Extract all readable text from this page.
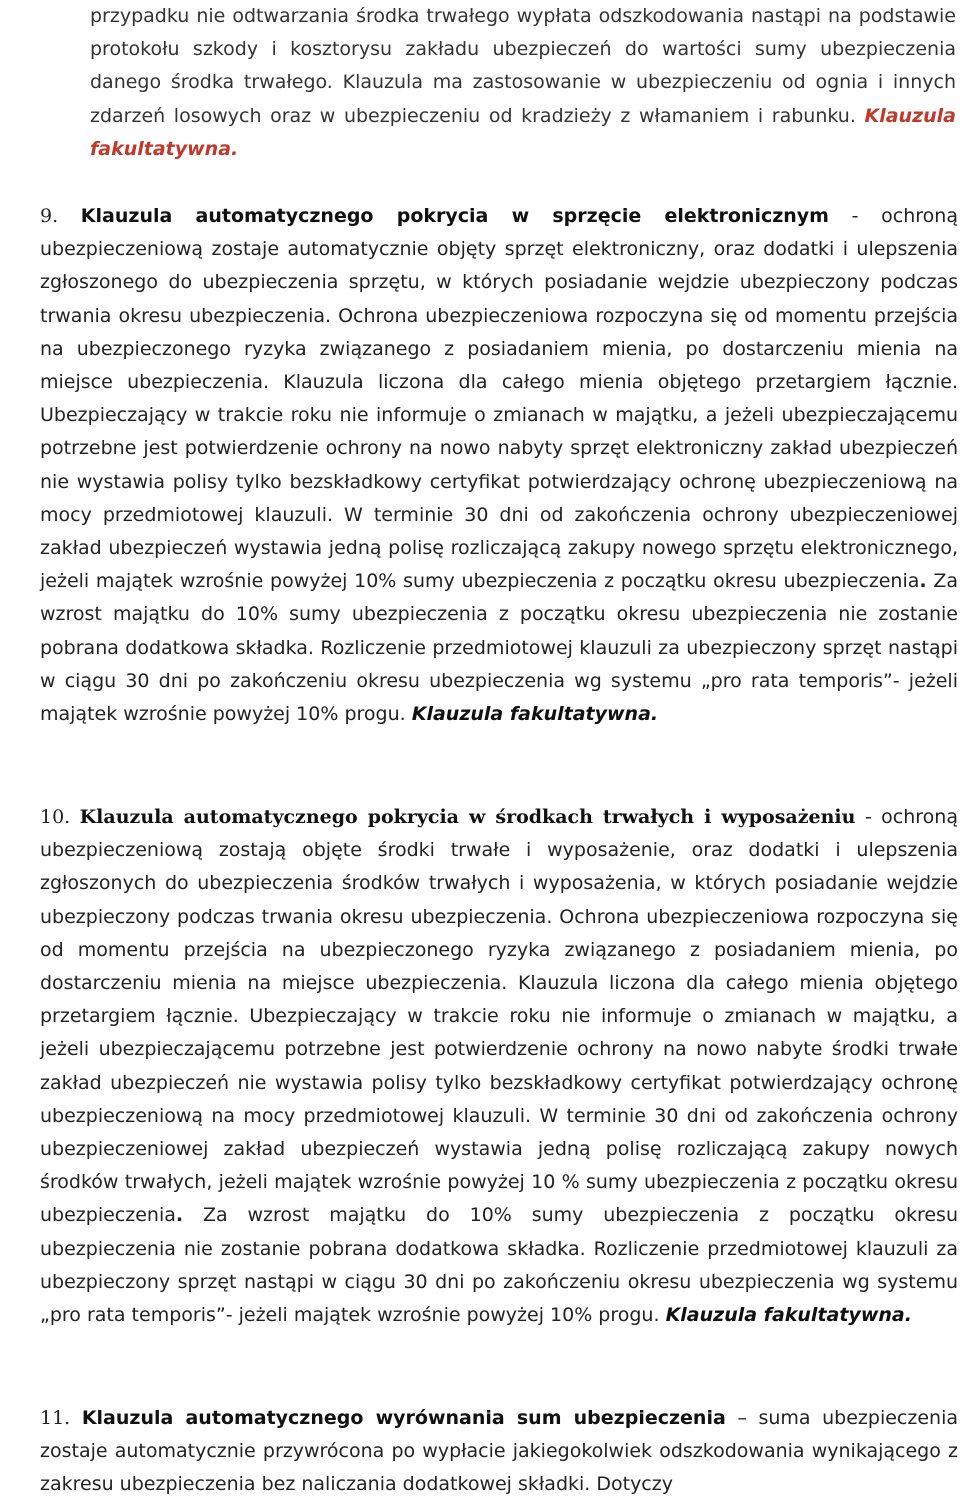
przypadku nie odtwarzania środka trwałego wypłata odszkodowania nastąpi na podstawie protokołu szkody i kosztorysu zakładu ubezpieczeń do wartości sumy ubezpieczenia danego środka trwałego. Klauzula ma zastosowanie w ubezpieczeniu od ognia i innych zdarzeń losowych oraz w ubezpieczeniu od kradzieży z włamaniem i rabunku. Klauzula fakultatywna.

9. Klauzula automatycznego pokrycia w sprzęcie elektronicznym - ochroną ubezpieczeniową zostaje automatycznie objęty sprzęt elektroniczny, oraz dodatki i ulepszenia zgłoszonego do ubezpieczenia sprzętu, w których posiadanie wejdzie ubezpieczony podczas trwania okresu ubezpieczenia. Ochrona ubezpieczeniowa rozpoczyna się od momentu przejścia na ubezpieczonego ryzyka związanego z posiadaniem mienia, po dostarczeniu mienia na miejsce ubezpieczenia. Klauzula liczona dla całego mienia objętego przetargiem łącznie. Ubezpieczający w trakcie roku nie informuje o zmianach w majątku, a jeżeli ubezpieczającemu potrzebne jest potwierdzenie ochrony na nowo nabyty sprzęt elektroniczny zakład ubezpieczeń nie wystawia polisy tylko bezskładkowy certyfikat potwierdzający ochronę ubezpieczeniową na mocy przedmiotowej klauzuli. W terminie 30 dni od zakończenia ochrony ubezpieczeniowej zakład ubezpieczeń wystawia jedną polisę rozliczającą zakupy nowego sprzętu elektronicznego, jeżeli majątek wzrośnie powyżej 10% sumy ubezpieczenia z początku okresu ubezpieczenia. Za wzrost majątku do 10% sumy ubezpieczenia z początku okresu ubezpieczenia nie zostanie pobrana dodatkowa składka. Rozliczenie przedmiotowej klauzuli za ubezpieczony sprzęt nastąpi w ciągu 30 dni po zakończeniu okresu ubezpieczenia wg systemu „pro rata temporis”- jeżeli majątek wzrośnie powyżej 10% progu. Klauzula fakultatywna.

10. Klauzula automatycznego pokrycia w środkach trwałych i wyposażeniu - ochroną ubezpieczeniową zostają objęte środki trwałe i wyposażenie, oraz dodatki i ulepszenia zgłoszonych do ubezpieczenia środków trwałych i wyposażenia, w których posiadanie wejdzie ubezpieczony podczas trwania okresu ubezpieczenia. Ochrona ubezpieczeniowa rozpoczyna się od momentu przejścia na ubezpieczonego ryzyka związanego z posiadaniem mienia, po dostarczeniu mienia na miejsce ubezpieczenia. Klauzula liczona dla całego mienia objętego przetargiem łącznie. Ubezpieczający w trakcie roku nie informuje o zmianach w majątku, a jeżeli ubezpieczającemu potrzebne jest potwierdzenie ochrony na nowo nabyte środki trwałe zakład ubezpieczeń nie wystawia polisy tylko bezskładkowy certyfikat potwierdzający ochronę ubezpieczeniową na mocy przedmiotowej klauzuli. W terminie 30 dni od zakończenia ochrony ubezpieczeniowej zakład ubezpieczeń wystawia jedną polisę rozliczającą zakupy nowych środków trwałych, jeżeli majątek wzrośnie powyżej 10 % sumy ubezpieczenia z początku okresu ubezpieczenia. Za wzrost majątku do 10% sumy ubezpieczenia z początku okresu ubezpieczenia nie zostanie pobrana dodatkowa składka. Rozliczenie przedmiotowej klauzuli za ubezpieczony sprzęt nastąpi w ciągu 30 dni po zakończeniu okresu ubezpieczenia wg systemu „pro rata temporis”- jeżeli majątek wzrośnie powyżej 10% progu. Klauzula fakultatywna.

11. Klauzula automatycznego wyrównania sum ubezpieczenia – suma ubezpieczenia zostaje automatycznie przywrócona po wypłacie jakiegokolwiek odszkodowania wynikającego z zakresu ubezpieczenia bez naliczania dodatkowej składki. Dotyczy
